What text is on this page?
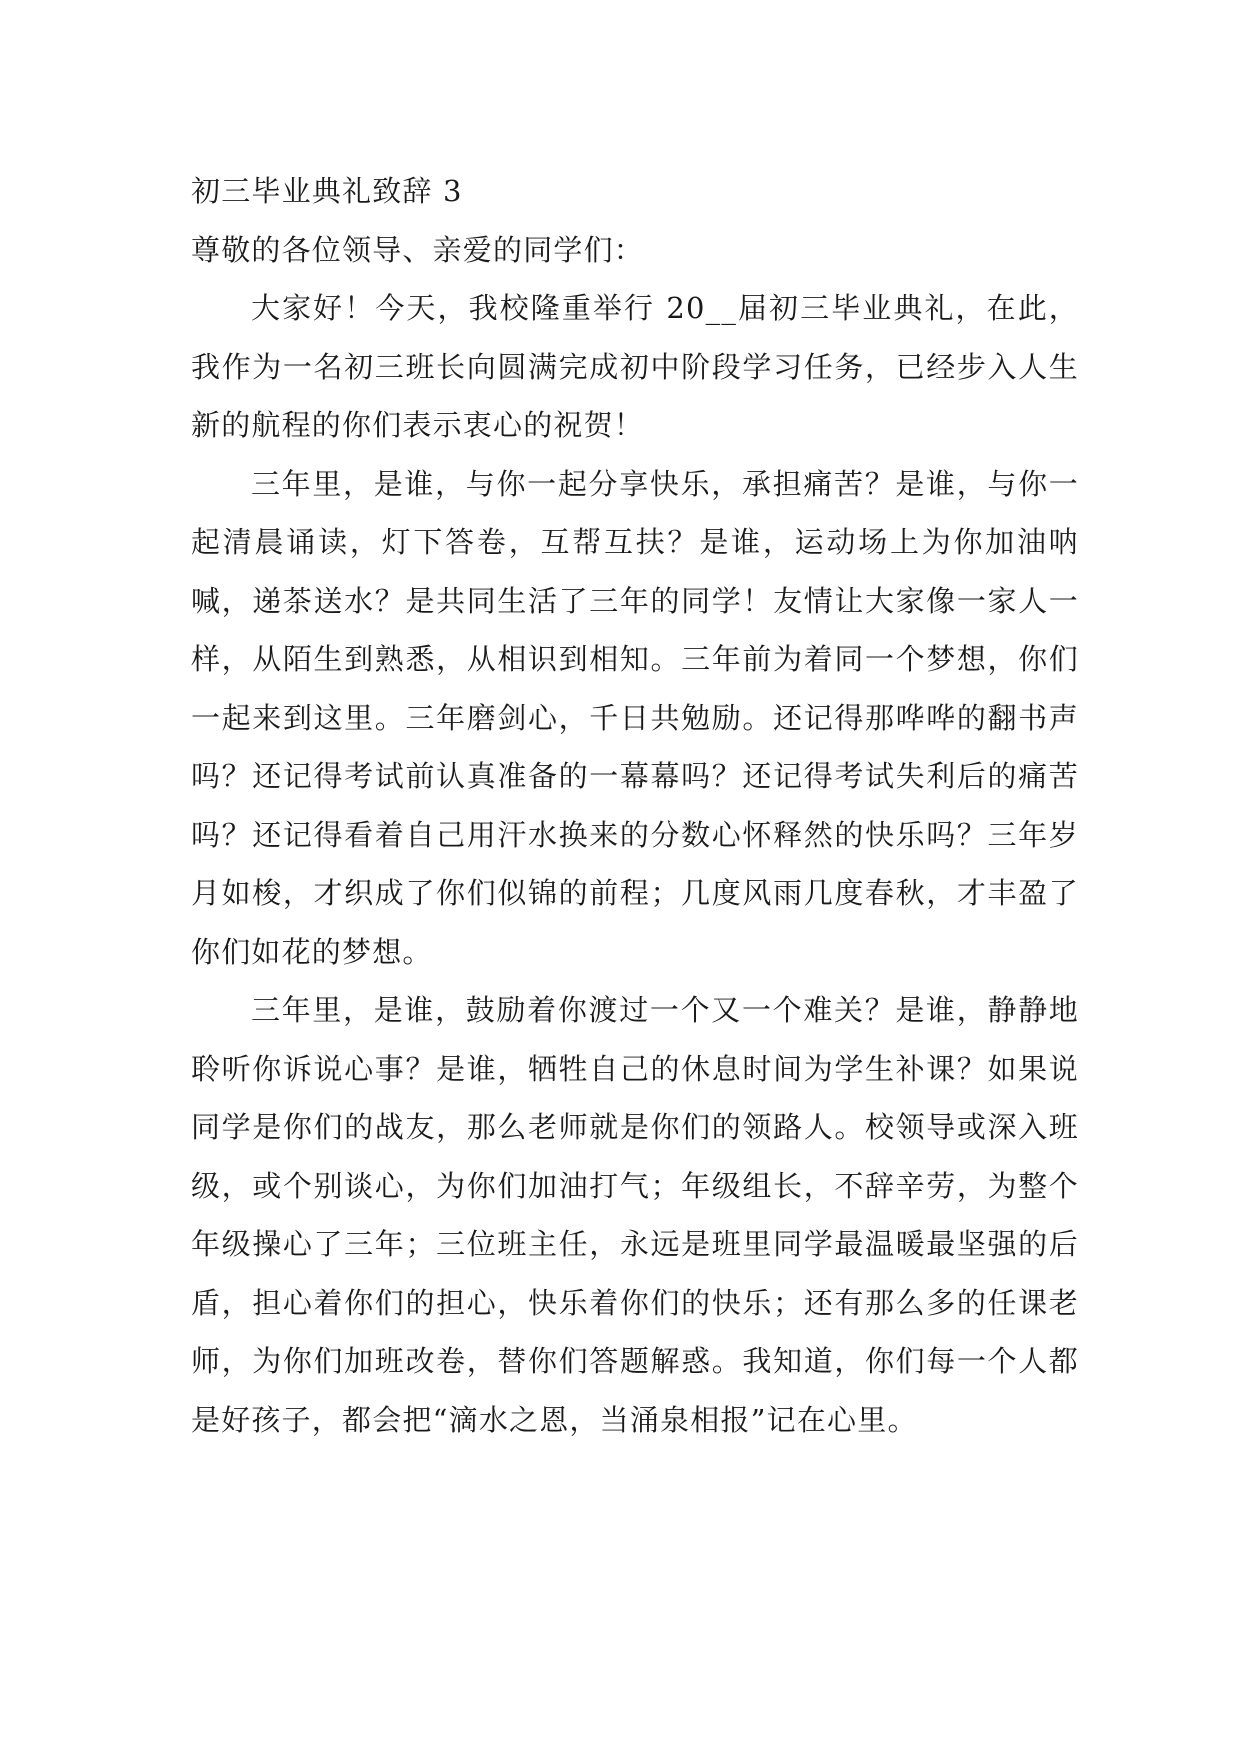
初三毕业典礼致辞 3

尊敬的各位领导、亲爱的同学们：

大家好！今天，我校隆重举行 20__届初三毕业典礼，在此，我作为一名初三班长向圆满完成初中阶段学习任务，已经步入人生新的航程的你们表示衷心的祝贺！

三年里，是谁，与你一起分享快乐，承担痛苦？是谁，与你一起清晨诵读，灯下答卷，互帮互扶？是谁，运动场上为你加油呐喊，递茶送水？是共同生活了三年的同学！友情让大家像一家人一样，从陌生到熟悉，从相识到相知。三年前为着同一个梦想，你们一起来到这里。三年磨剑心，千日共勉励。还记得那哗哗的翻书声吗？还记得考试前认真准备的一幕幕吗？还记得考试失利后的痛苦吗？还记得看着自己用汗水换来的分数心怀释然的快乐吗？三年岁月如梭，才织成了你们似锦的前程；几度风雨几度春秋，才丰盈了你们如花的梦想。

三年里，是谁，鼓励着你渡过一个又一个难关？是谁，静静地聆听你诉说心事？是谁，牺牲自己的休息时间为学生补课？如果说同学是你们的战友，那么老师就是你们的领路人。校领导或深入班级，或个别谈心，为你们加油打气；年级组长，不辞辛劳，为整个年级操心了三年；三位班主任，永远是班里同学最温暖最坚强的后盾，担心着你们的担心，快乐着你们的快乐；还有那么多的任课老师，为你们加班改卷，替你们答题解惑。我知道，你们每一个人都是好孩子，都会把“滴水之恩，当涌泉相报”记在心里。
